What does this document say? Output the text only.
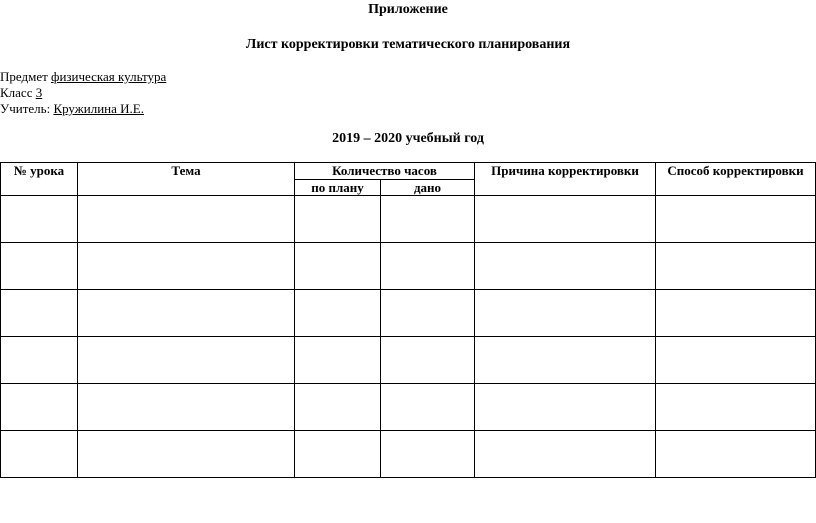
Приложение
Лист корректировки тематического планирования
Предмет физическая культура
Класс 3
Учитель: Кружилина И.Е.
2019 – 2020 учебный год
№ урока	Тема	Количество часов		Причина корректировки	Способ корректировки
		по плану	дано		
